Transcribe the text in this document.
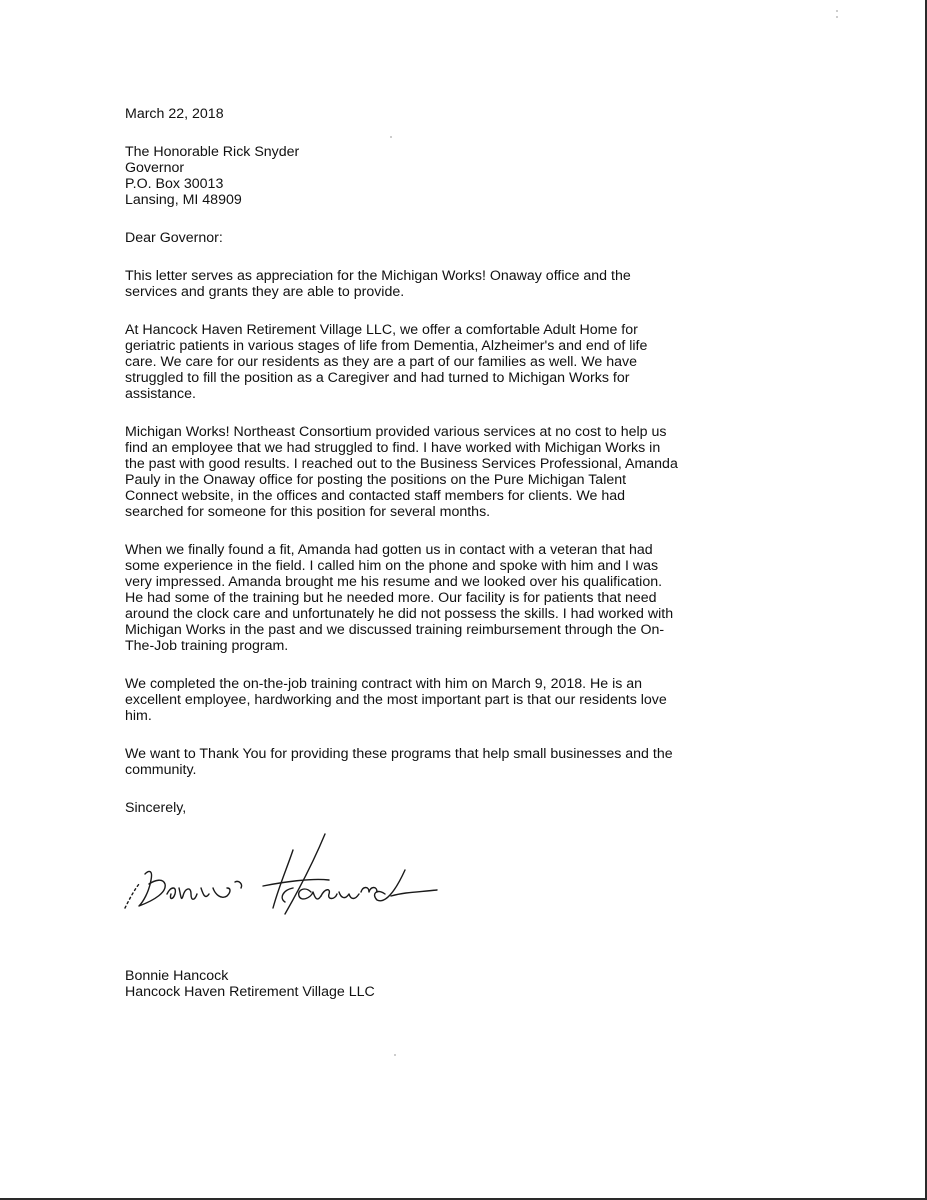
March 22, 2018

The Honorable Rick Snyder
Governor
P.O. Box 30013
Lansing, MI 48909

Dear Governor:

This letter serves as appreciation for the Michigan Works! Onaway office and the
services and grants they are able to provide.

At Hancock Haven Retirement Village LLC, we offer a comfortable Adult Home for
geriatric patients in various stages of life from Dementia, Alzheimer's and end of life
care. We care for our residents as they are a part of our families as well. We have
struggled to fill the position as a Caregiver and had turned to Michigan Works for
assistance.

Michigan Works! Northeast Consortium provided various services at no cost to help us
find an employee that we had struggled to find. I have worked with Michigan Works in
the past with good results. I reached out to the Business Services Professional, Amanda
Pauly in the Onaway office for posting the positions on the Pure Michigan Talent
Connect website, in the offices and contacted staff members for clients. We had
searched for someone for this position for several months.

When we finally found a fit, Amanda had gotten us in contact with a veteran that had
some experience in the field. I called him on the phone and spoke with him and I was
very impressed. Amanda brought me his resume and we looked over his qualification.
He had some of the training but he needed more. Our facility is for patients that need
around the clock care and unfortunately he did not possess the skills. I had worked with
Michigan Works in the past and we discussed training reimbursement through the On-
The-Job training program.

We completed the on-the-job training contract with him on March 9, 2018. He is an
excellent employee, hardworking and the most important part is that our residents love
him.

We want to Thank You for providing these programs that help small businesses and the
community.

Sincerely,

Bonnie Hancock
Hancock Haven Retirement Village LLC
